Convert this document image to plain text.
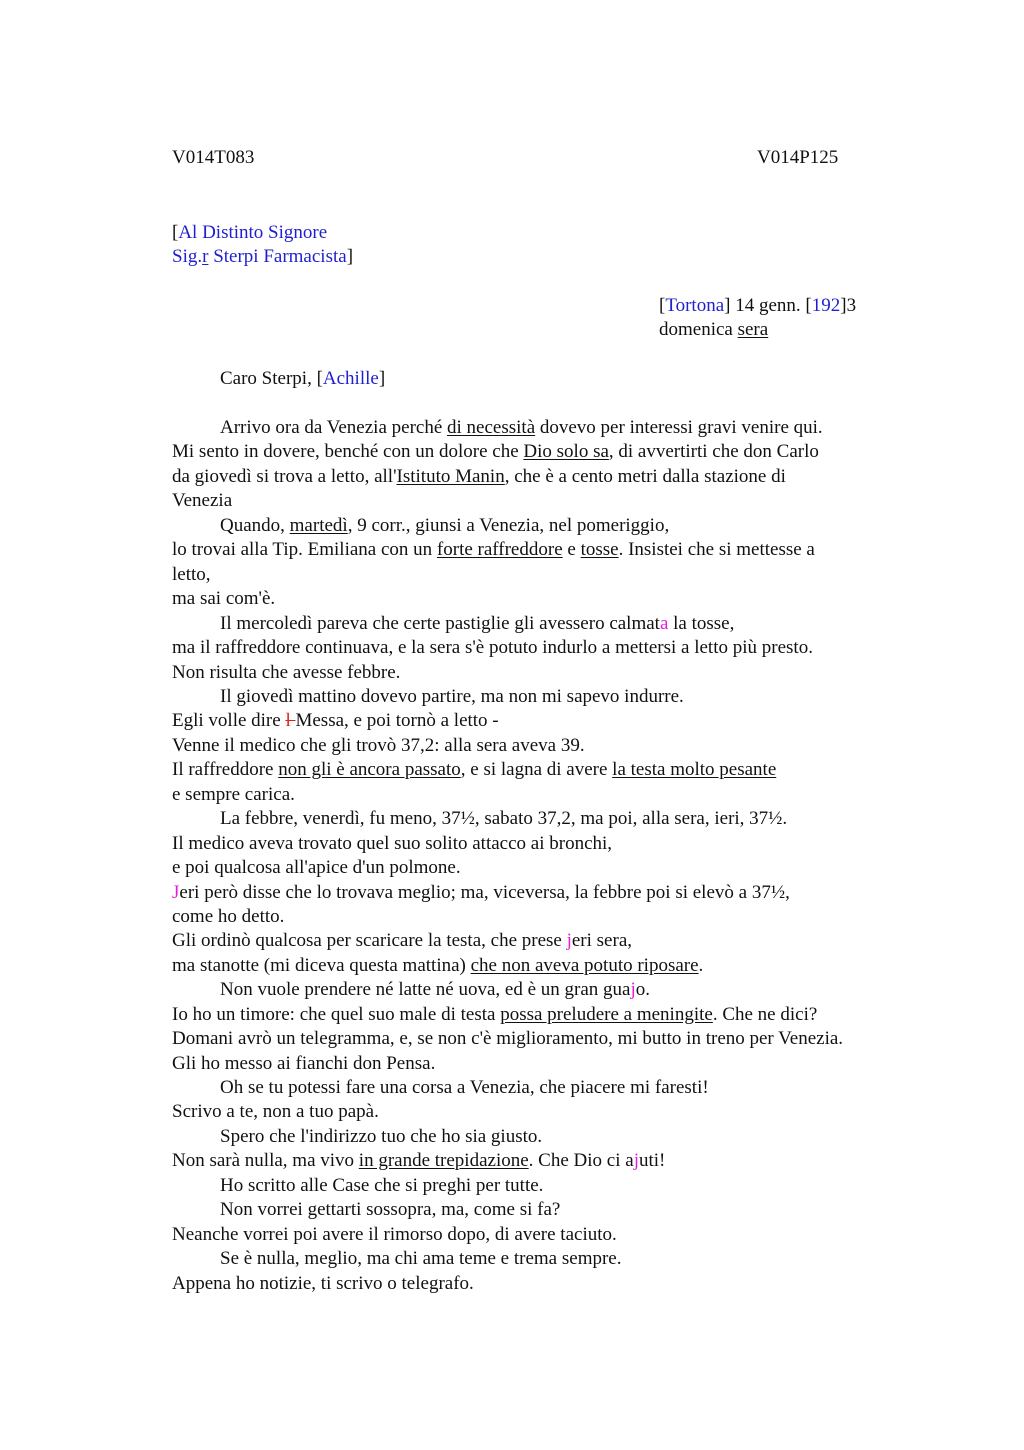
V014T083	V014P125
[Al Distinto Signore
Sig.r Sterpi Farmacista]
[Tortona] 14 genn. [192]3
domenica sera
Caro Sterpi, [Achille]
Arrivo ora da Venezia perché di necessità dovevo per interessi gravi venire qui.
Mi sento in dovere, benché con un dolore che Dio solo sa, di avvertirti che don Carlo
da giovedì si trova a letto, all'Istituto Manin, che è a cento metri dalla stazione di
Venezia
Quando, martedì, 9 corr., giunsi a Venezia, nel pomeriggio,
lo trovai alla Tip. Emiliana con un forte raffreddore e tosse. Insistei che si mettesse a
letto,
ma sai com'è.
Il mercoledì pareva che certe pastiglie gli avessero calmata la tosse,
ma il raffreddore continuava, e la sera s'è potuto indurlo a mettersi a letto più presto.
Non risulta che avesse febbre.
Il giovedì mattino dovevo partire, ma non mi sapevo indurre.
Egli volle dire l Messa, e poi tornò a letto -
Venne il medico che gli trovò 37,2: alla sera aveva 39.
Il raffreddore non gli è ancora passato, e si lagna di avere la testa molto pesante
e sempre carica.
La febbre, venerdì, fu meno, 37½, sabato 37,2, ma poi, alla sera, ieri, 37½.
Il medico aveva trovato quel suo solito attacco ai bronchi,
e poi qualcosa all'apice d'un polmone.
Jeri però disse che lo trovava meglio; ma, viceversa, la febbre poi si elevò a 37½,
come ho detto.
Gli ordinò qualcosa per scaricare la testa, che prese jeri sera,
ma stanotte (mi diceva questa mattina) che non aveva potuto riposare.
Non vuole prendere né latte né uova, ed è un gran guajo.
Io ho un timore: che quel suo male di testa possa preludere a meningite. Che ne dici?
Domani avrò un telegramma, e, se non c'è miglioramento, mi butto in treno per Venezia.
Gli ho messo ai fianchi don Pensa.
Oh se tu potessi fare una corsa a Venezia, che piacere mi faresti!
Scrivo a te, non a tuo papà.
Spero che l'indirizzo tuo che ho sia giusto.
Non sarà nulla, ma vivo in grande trepidazione. Che Dio ci ajuti!
Ho scritto alle Case che si preghi per tutte.
Non vorrei gettarti sossopra, ma, come si fa?
Neanche vorrei poi avere il rimorso dopo, di avere taciuto.
Se è nulla, meglio, ma chi ama teme e trema sempre.
Appena ho notizie, ti scrivo o telegrafo.
